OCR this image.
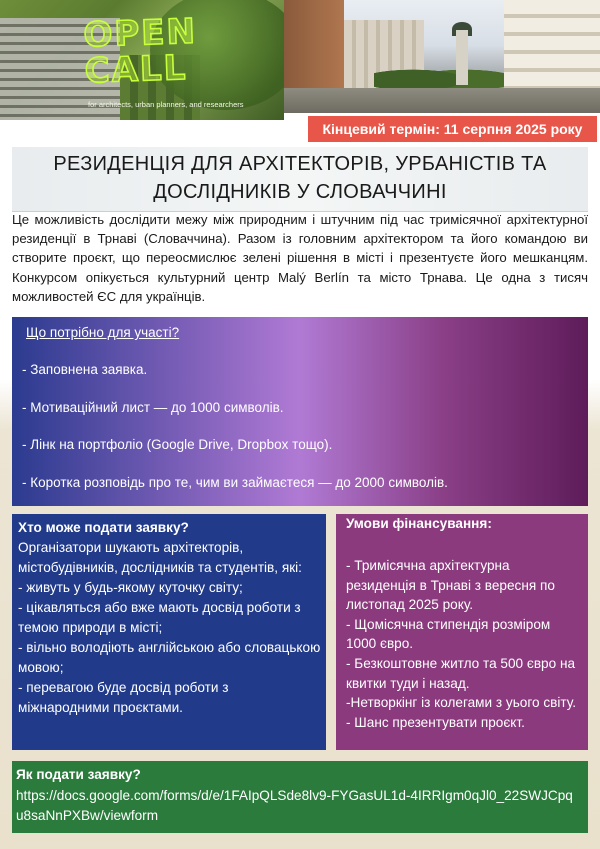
OPEN CALL
for architects, urban planners, and researchers
Кінцевий термін: 11 серпня 2025 року
РЕЗИДЕНЦІЯ ДЛЯ АРХІТЕКТОРІВ, УРБАНІСТІВ ТА ДОСЛІДНИКІВ У СЛОВАЧЧИНІ
Це можливість дослідити межу між природним і штучним під час тримісячної архітектурної резиденції в Трнаві (Словаччина). Разом із головним архітектором та його командою ви створите проєкт, що переосмислює зелені рішення в місті і презентуєте його мешканцям. Конкурсом опікується культурний центр Malý Berlín та місто Трнава. Це одна з тисяч можливостей ЄС для українців.
Що потрібно для участі?
- Заповнена заявка.
- Мотиваційний лист — до 1000 символів.
- Лінк на портфоліо (Google Drive, Dropbox тощо).
- Коротка розповідь про те, чим ви займаєтеся — до 2000 символів.
Хто може подати заявку?
Організатори шукають архітекторів, містобудівників, дослідників та студентів, які:
- живуть у будь-якому куточку світу;
- цікавляться або вже мають досвід роботи з темою природи в місті;
- вільно володіють англійською або словацькою мовою;
- перевагою буде досвід роботи з міжнародними проєктами.
Умови фінансування:
- Тримісячна архітектурна резиденція в Трнаві з вересня по листопад 2025 року.
- Щомісячна стипендія розміром 1000 євро.
- Безкоштовне житло та 500 євро на квитки туди і назад.
-Нетворкінг із колегами з уього світу.
- Шанс презентувати проєкт.
Як подати заявку?
https://docs.google.com/forms/d/e/1FAIpQLSde8lv9-FYGasUL1d-4IRRIgm0qJl0_22SWJCpqu8saNnPXBw/viewform
